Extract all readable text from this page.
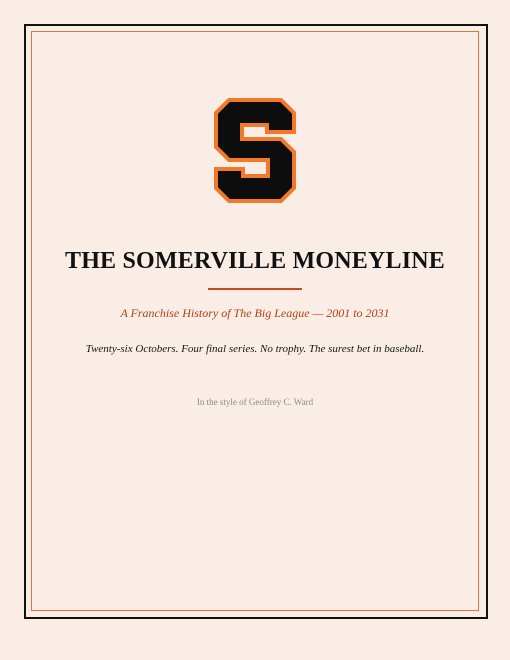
THE SOMERVILLE MONEYLINE

A Franchise History of The Big League — 2001 to 2031

Twenty-six Octobers. Four final series. No trophy. The surest bet in baseball.

In the style of Geoffrey C. Ward
